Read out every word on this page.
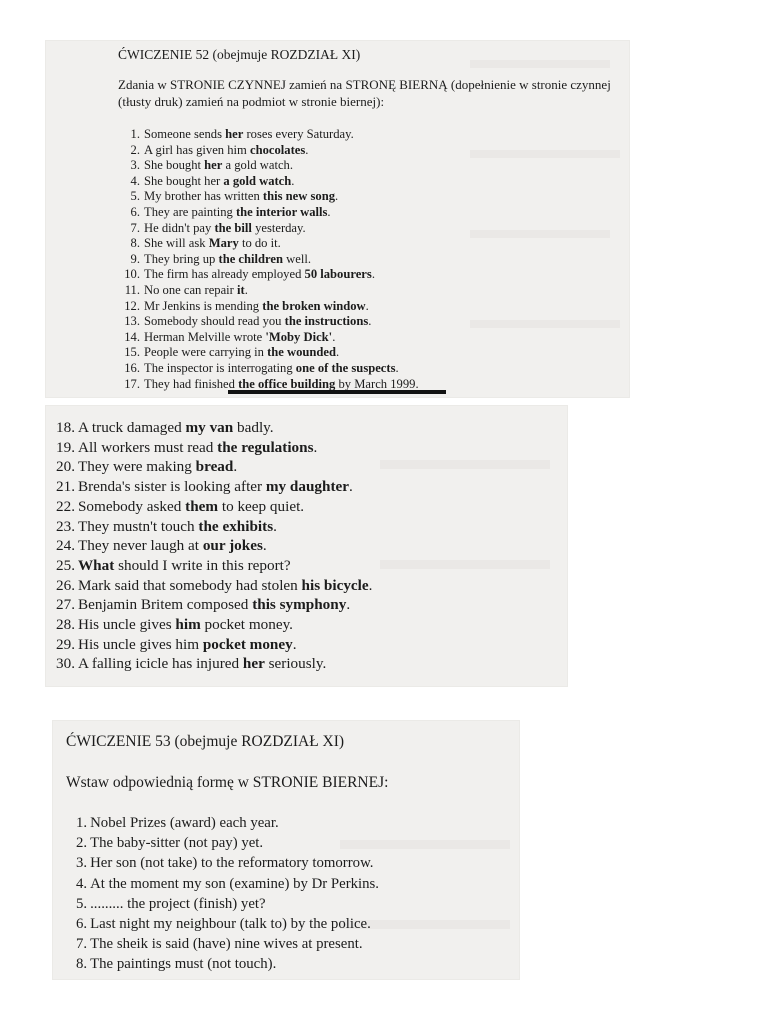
ĆWICZENIE 52 (obejmuje ROZDZIAŁ XI)
Zdania w STRONIE CZYNNEJ zamień na STRONĘ BIERNĄ (dopełnienie w stronie czynnej (tłusty druk) zamień na podmiot w stronie biernej):
1. Someone sends her roses every Saturday.
2. A girl has given him chocolates.
3. She bought her a gold watch.
4. She bought her a gold watch.
5. My brother has written this new song.
6. They are painting the interior walls.
7. He didn't pay the bill yesterday.
8. She will ask Mary to do it.
9. They bring up the children well.
10. The firm has already employed 50 labourers.
11. No one can repair it.
12. Mr Jenkins is mending the broken window.
13. Somebody should read you the instructions.
14. Herman Melville wrote 'Moby Dick'.
15. People were carrying in the wounded.
16. The inspector is interrogating one of the suspects.
17. They had finished the office building by March 1999.
18. A truck damaged my van badly.
19. All workers must read the regulations.
20. They were making bread.
21. Brenda's sister is looking after my daughter.
22. Somebody asked them to keep quiet.
23. They mustn't touch the exhibits.
24. They never laugh at our jokes.
25. What should I write in this report?
26. Mark said that somebody had stolen his bicycle.
27. Benjamin Britem composed this symphony.
28. His uncle gives him pocket money.
29. His uncle gives him pocket money.
30. A falling icicle has injured her seriously.
ĆWICZENIE 53 (obejmuje ROZDZIAŁ XI)
Wstaw odpowiednią formę w STRONIE BIERNEJ:
1. Nobel Prizes (award) each year.
2. The baby-sitter (not pay) yet.
3. Her son (not take) to the reformatory tomorrow.
4. At the moment my son (examine) by Dr Perkins.
5. ......... the project (finish) yet?
6. Last night my neighbour (talk to) by the police.
7. The sheik is said (have) nine wives at present.
8. The paintings must (not touch).
